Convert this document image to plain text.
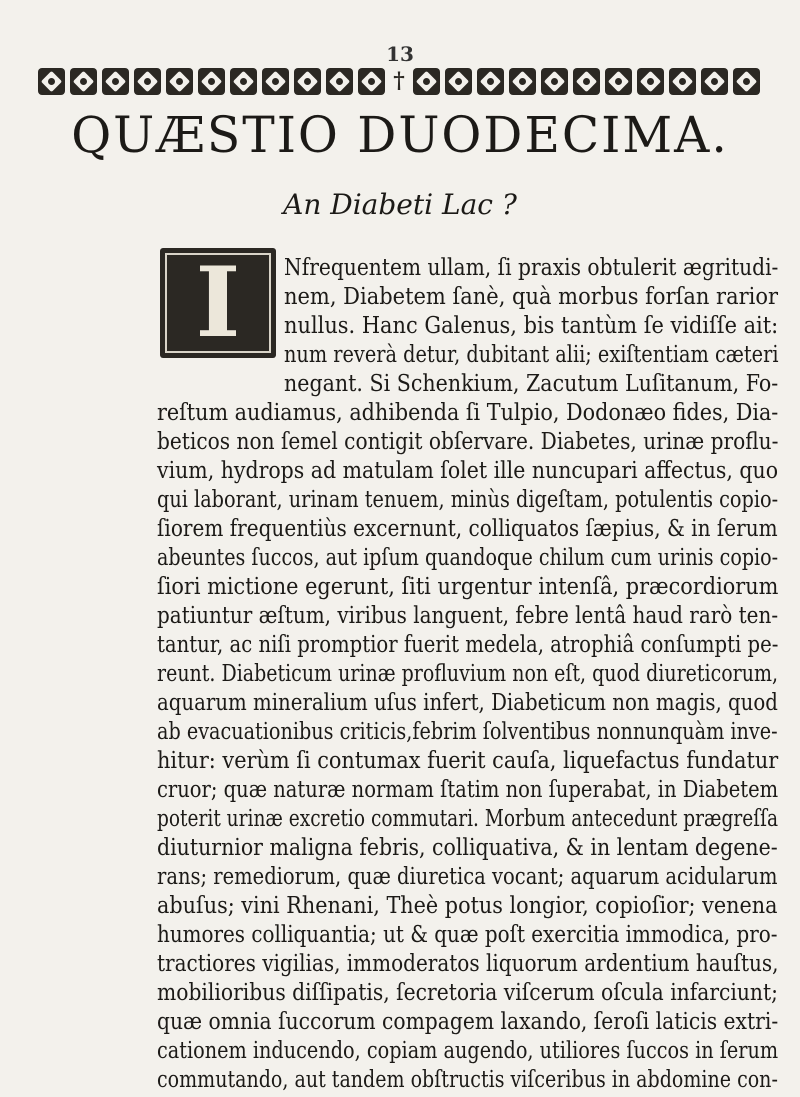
13
†
QUÆSTIO DUODECIMA.
An Diabeti Lac ?
I	Nfrequentem ullam, ſi praxis obtulerit ægritudi-
nem, Diabetem ſanè, quà morbus forſan rarior
nullus. Hanc Galenus, bis tantùm ſe vidiſſe ait:
num reverà detur, dubitant alii; exiſtentiam cæteri
negant. Si Schenkium, Zacutum Luſitanum, Fo-
reſtum audiamus, adhibenda ſi Tulpio, Dodonæo fides, Dia-
beticos non ſemel contigit obſervare. Diabetes, urinæ proflu-
vium, hydrops ad matulam ſolet ille nuncupari affectus, quo
qui laborant, urinam tenuem, minùs digeſtam, potulentis copio-
ſiorem frequentiùs excernunt, colliquatos ſæpius, & in ſerum
abeuntes ſuccos, aut ipſum quandoque chilum cum urinis copio-
ſiori mictione egerunt, ſiti urgentur intenſâ, præcordiorum
patiuntur æſtum, viribus languent, febre lentâ haud rarò ten-
tantur, ac niſi promptior fuerit medela, atrophiâ conſumpti pe-
reunt. Diabeticum urinæ profluvium non eſt, quod diureticorum,
aquarum mineralium uſus infert, Diabeticum non magis, quod
ab evacuationibus criticis,febrim ſolventibus nonnunquàm inve-
hitur: verùm ſi contumax fuerit cauſa, liquefactus fundatur
cruor; quæ naturæ normam ſtatim non ſuperabat, in Diabetem
poterit urinæ excretio commutari. Morbum antecedunt prægreſſa
diuturnior maligna febris, colliquativa, & in lentam degene-
rans; remediorum, quæ diuretica vocant; aquarum acidularum
abuſus; vini Rhenani, Theè potus longior, copioſior; venena
humores colliquantia; ut & quæ poſt exercitia immodica, pro-
tractiores vigilias, immoderatos liquorum ardentium hauſtus,
mobilioribus diſſipatis, ſecretoria viſcerum oſcula infarciunt;
quæ omnia ſuccorum compagem laxando, ſeroſi laticis extri-
cationem inducendo, copiam augendo, utiliores ſuccos in ſerum
commutando, aut tandem obſtructis viſceribus in abdomine con-
